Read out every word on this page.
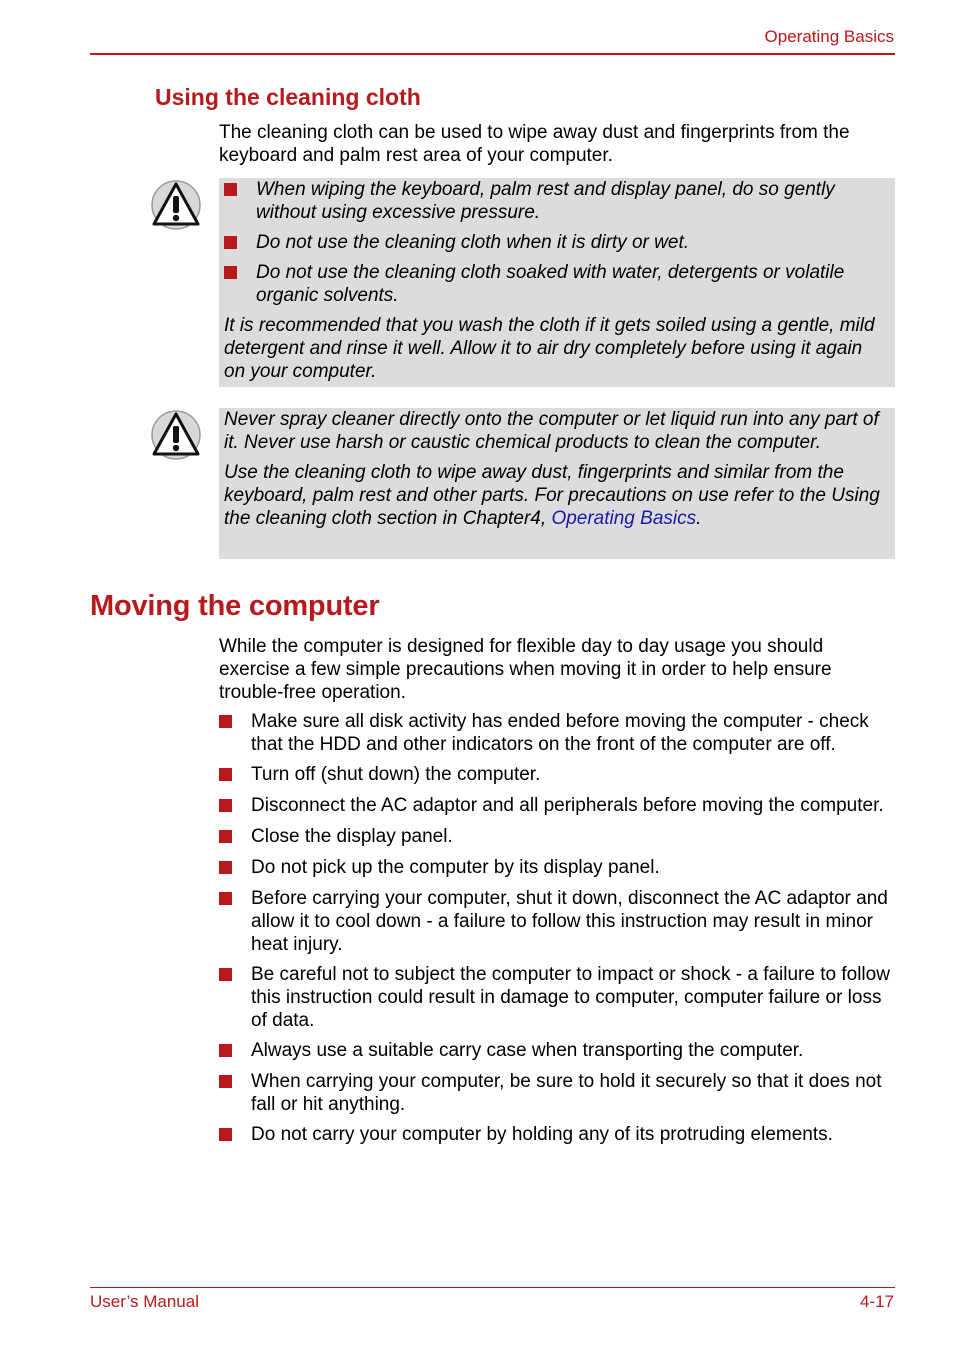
Operating Basics
Using the cleaning cloth
The cleaning cloth can be used to wipe away dust and fingerprints from the keyboard and palm rest area of your computer.

When wiping the keyboard, palm rest and display panel, do so gently without using excessive pressure.

Do not use the cleaning cloth when it is dirty or wet.

Do not use the cleaning cloth soaked with water, detergents or volatile organic solvents.

It is recommended that you wash the cloth if it gets soiled using a gentle, mild detergent and rinse it well. Allow it to air dry completely before using it again on your computer.

Never spray cleaner directly onto the computer or let liquid run into any part of it. Never use harsh or caustic chemical products to clean the computer.

Use the cleaning cloth to wipe away dust, fingerprints and similar from the keyboard, palm rest and other parts. For precautions on use refer to the Using the cleaning cloth section in Chapter4, Operating Basics.

Moving the computer
While the computer is designed for flexible day to day usage you should exercise a few simple precautions when moving it in order to help ensure trouble-free operation.
Make sure all disk activity has ended before moving the computer - check that the HDD and other indicators on the front of the computer are off.
Turn off (shut down) the computer.
Disconnect the AC adaptor and all peripherals before moving the computer.
Close the display panel.
Do not pick up the computer by its display panel.
Before carrying your computer, shut it down, disconnect the AC adaptor and allow it to cool down - a failure to follow this instruction may result in minor heat injury.
Be careful not to subject the computer to impact or shock - a failure to follow this instruction could result in damage to computer, computer failure or loss of data.
Always use a suitable carry case when transporting the computer.
When carrying your computer, be sure to hold it securely so that it does not fall or hit anything.
Do not carry your computer by holding any of its protruding elements.
User’s Manual	4-17
